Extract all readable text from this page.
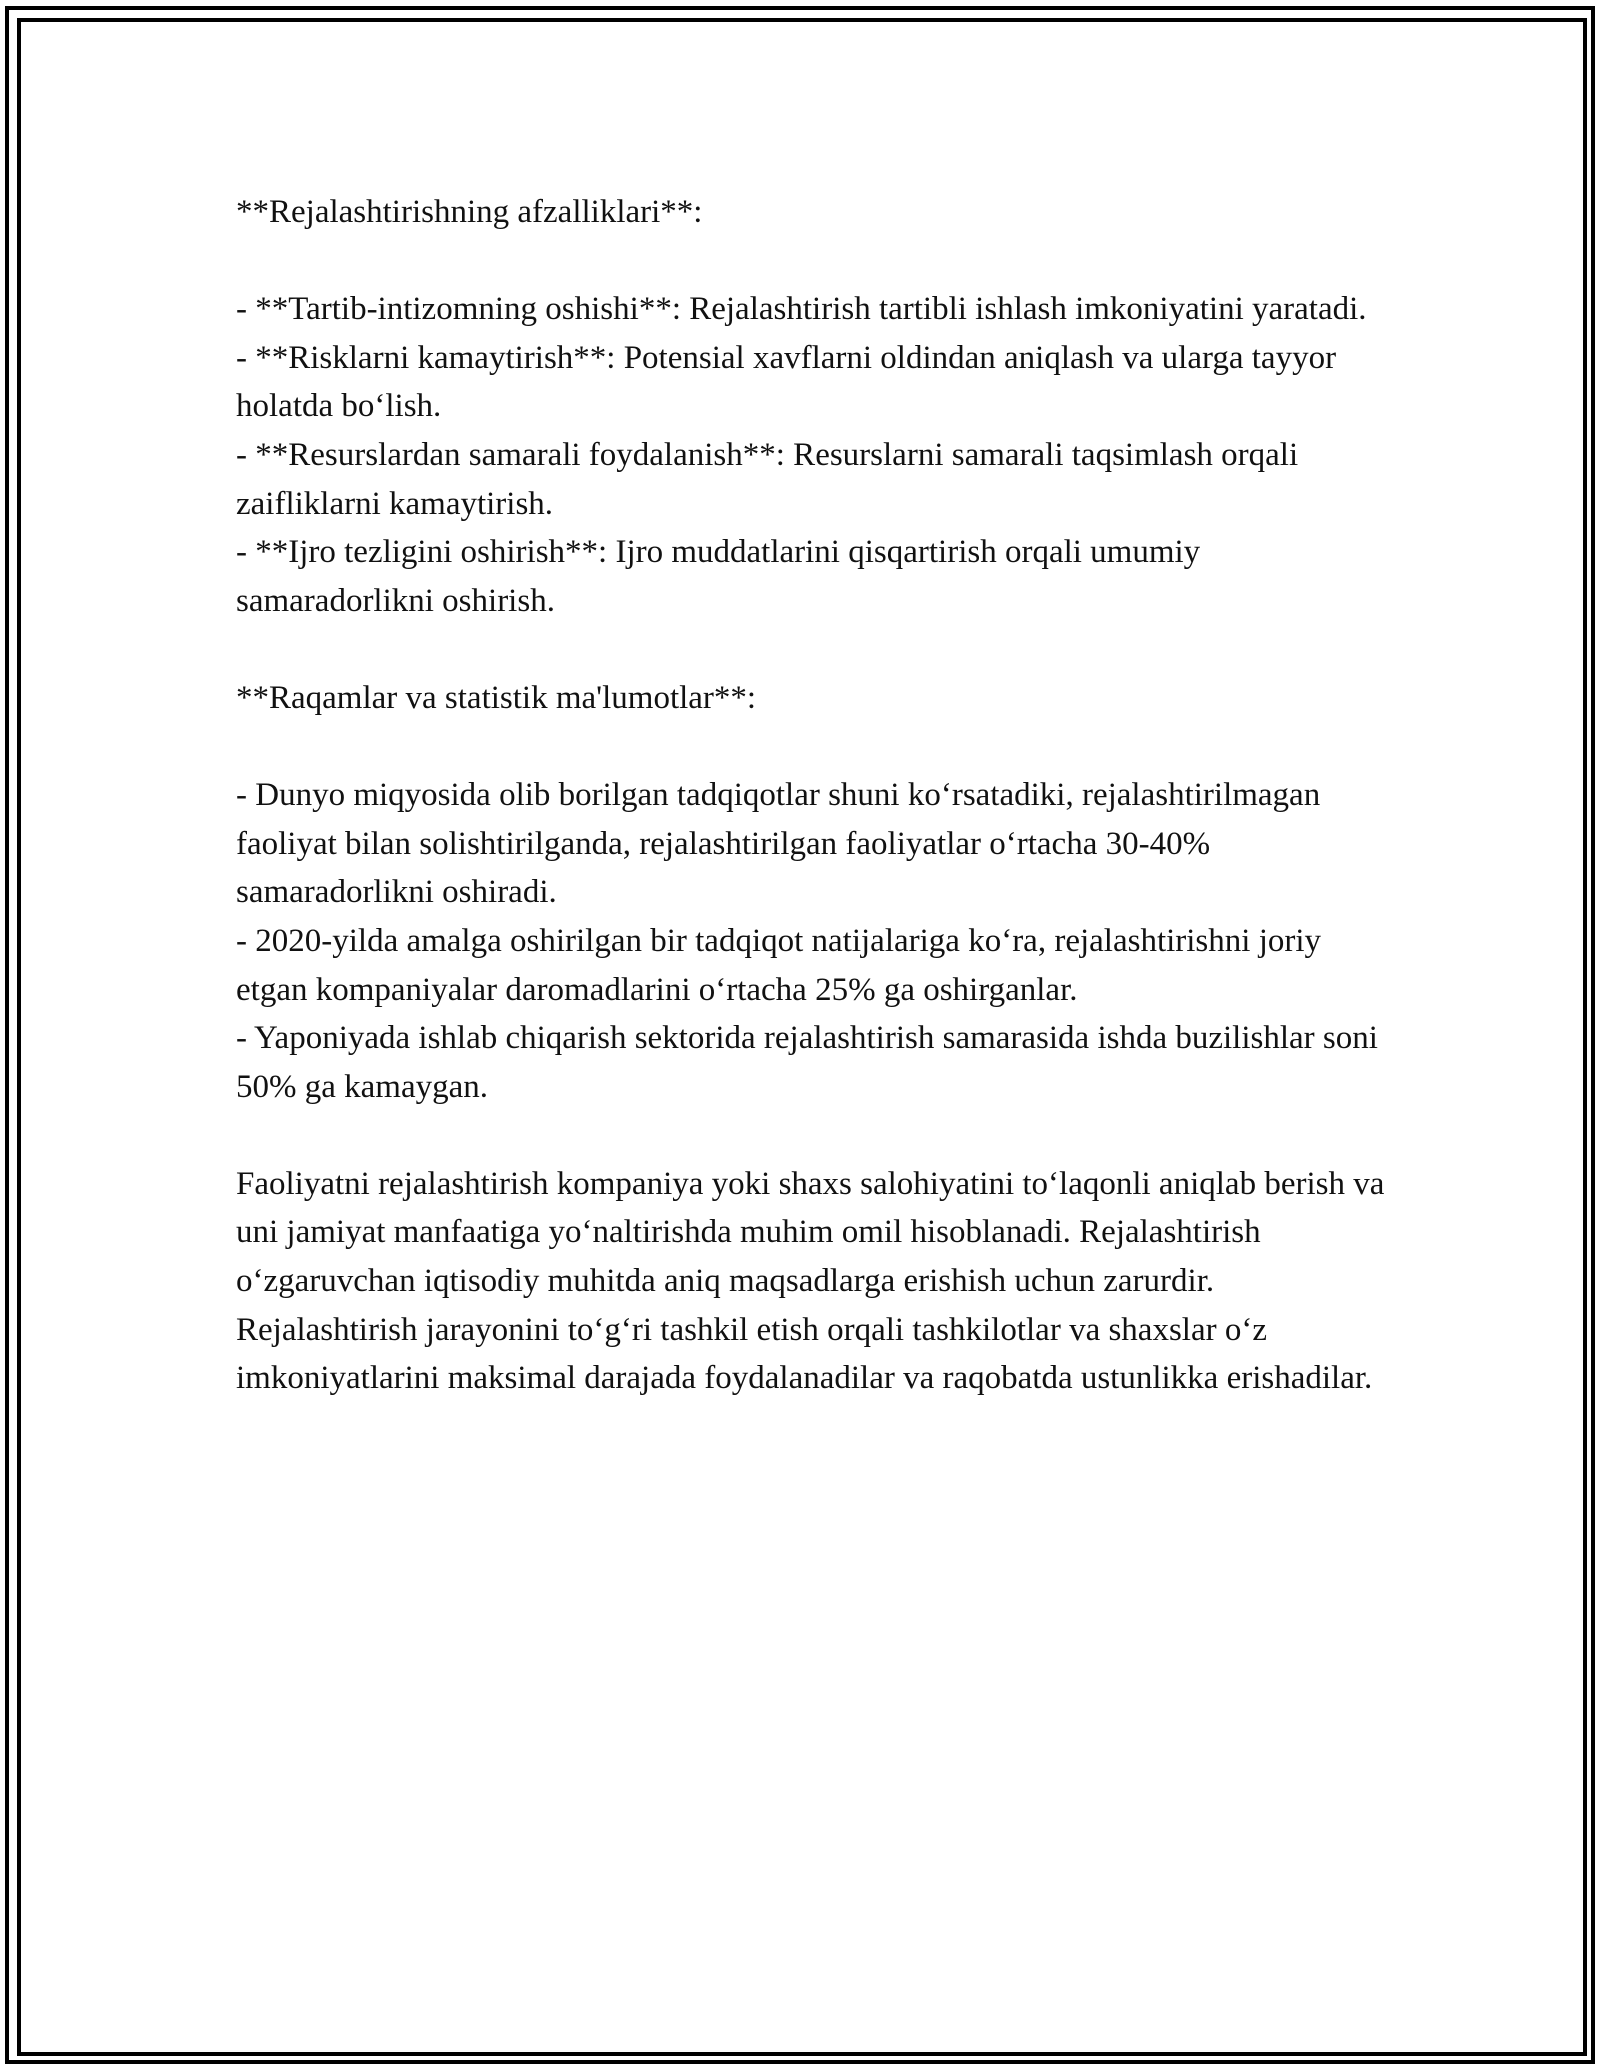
**Rejalashtirishning afzalliklari**:

- **Tartib-intizomning oshishi**: Rejalashtirish tartibli ishlash imkoniyatini yaratadi.

- **Risklarni kamaytirish**: Potensial xavflarni oldindan aniqlash va ularga tayyor holatda bo‘lish.

- **Resurslardan samarali foydalanish**: Resurslarni samarali taqsimlash orqali zaifliklarni kamaytirish.

- **Ijro tezligini oshirish**: Ijro muddatlarini qisqartirish orqali umumiy samaradorlikni oshirish.

**Raqamlar va statistik ma'lumotlar**:

- Dunyo miqyosida olib borilgan tadqiqotlar shuni ko‘rsatadiki, rejalashtirilmagan faoliyat bilan solishtirilganda, rejalashtirilgan faoliyatlar o‘rtacha 30-40% samaradorlikni oshiradi.

- 2020-yilda amalga oshirilgan bir tadqiqot natijalariga ko‘ra, rejalashtirishni joriy etgan kompaniyalar daromadlarini o‘rtacha 25% ga oshirganlar.

- Yaponiyada ishlab chiqarish sektorida rejalashtirish samarasida ishda buzilishlar soni 50% ga kamaygan.

Faoliyatni rejalashtirish kompaniya yoki shaxs salohiyatini to‘laqonli aniqlab berish va uni jamiyat manfaatiga yo‘naltirishda muhim omil hisoblanadi. Rejalashtirish o‘zgaruvchan iqtisodiy muhitda aniq maqsadlarga erishish uchun zarurdir. Rejalashtirish jarayonini to‘g‘ri tashkil etish orqali tashkilotlar va shaxslar o‘z imkoniyatlarini maksimal darajada foydalanadilar va raqobatda ustunlikka erishadilar.
